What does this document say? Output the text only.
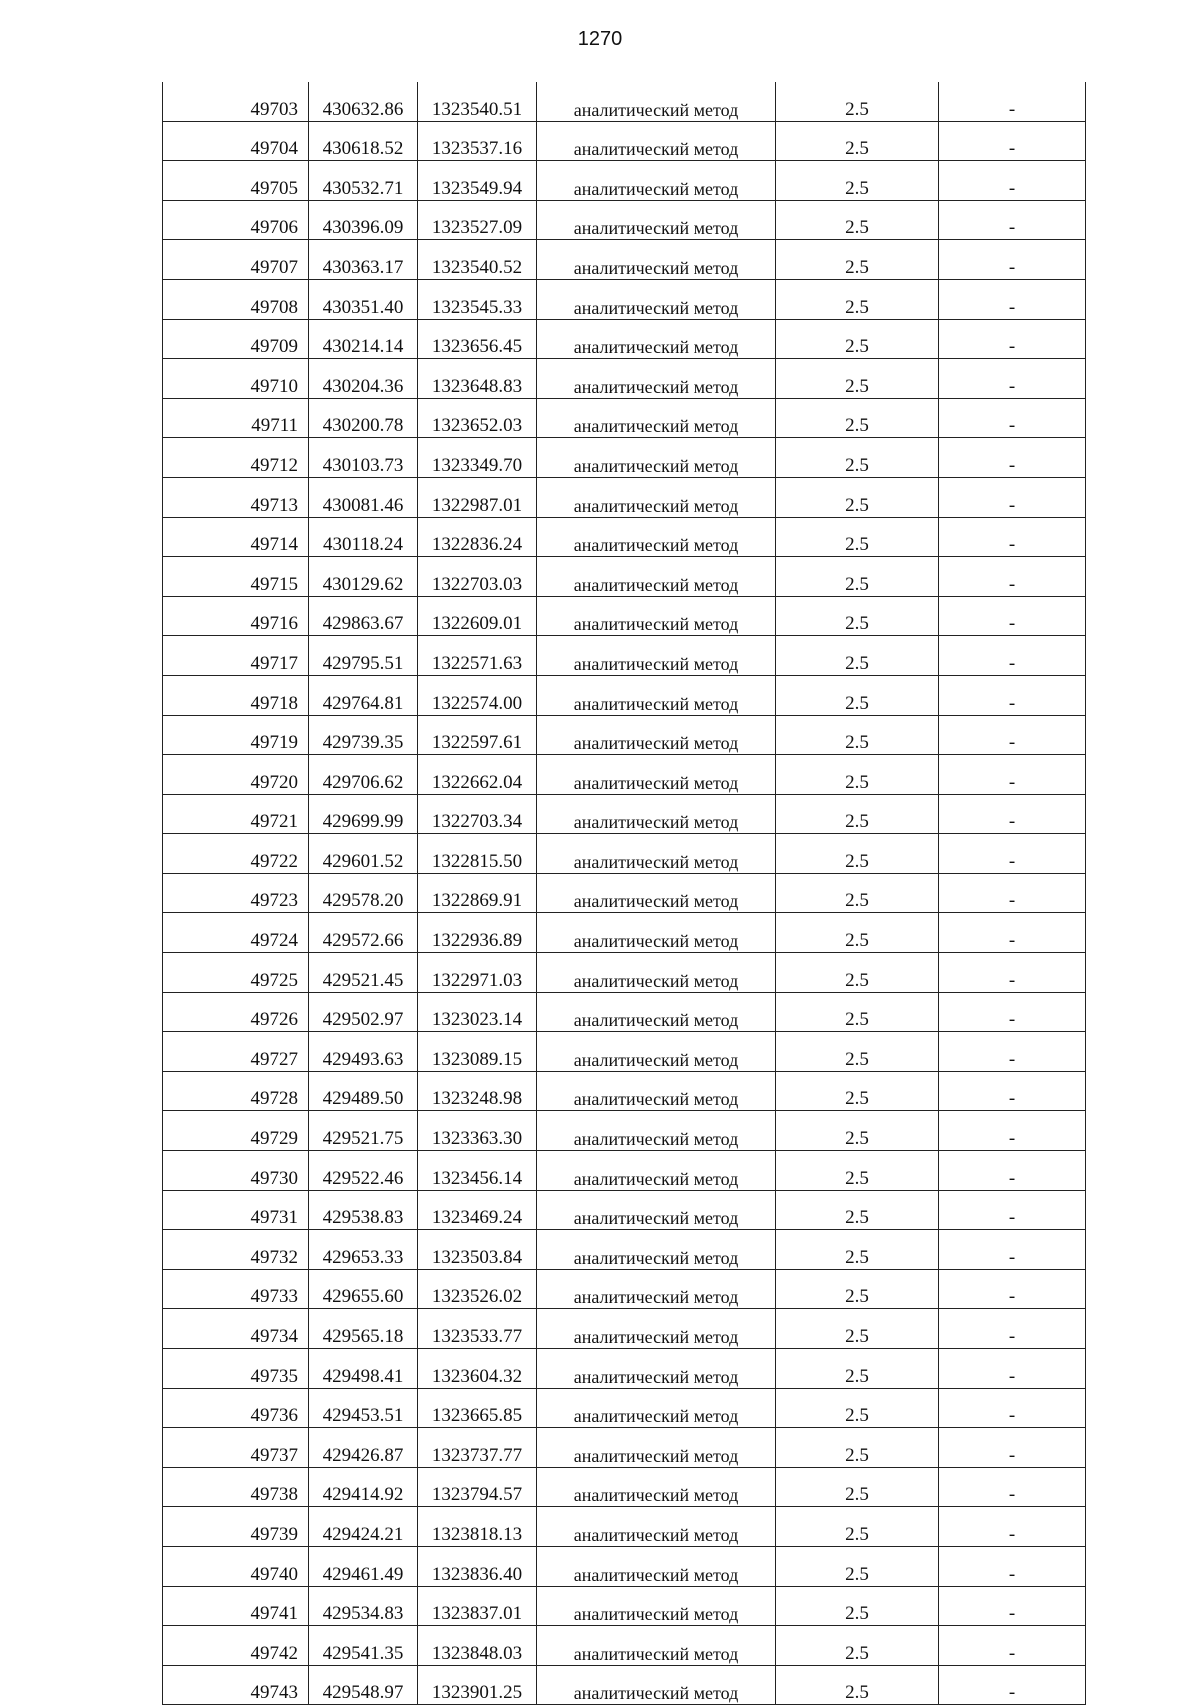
1270
49703	430632.86	1323540.51	аналитический метод	2.5	-
49704	430618.52	1323537.16	аналитический метод	2.5	-
49705	430532.71	1323549.94	аналитический метод	2.5	-
49706	430396.09	1323527.09	аналитический метод	2.5	-
49707	430363.17	1323540.52	аналитический метод	2.5	-
49708	430351.40	1323545.33	аналитический метод	2.5	-
49709	430214.14	1323656.45	аналитический метод	2.5	-
49710	430204.36	1323648.83	аналитический метод	2.5	-
49711	430200.78	1323652.03	аналитический метод	2.5	-
49712	430103.73	1323349.70	аналитический метод	2.5	-
49713	430081.46	1322987.01	аналитический метод	2.5	-
49714	430118.24	1322836.24	аналитический метод	2.5	-
49715	430129.62	1322703.03	аналитический метод	2.5	-
49716	429863.67	1322609.01	аналитический метод	2.5	-
49717	429795.51	1322571.63	аналитический метод	2.5	-
49718	429764.81	1322574.00	аналитический метод	2.5	-
49719	429739.35	1322597.61	аналитический метод	2.5	-
49720	429706.62	1322662.04	аналитический метод	2.5	-
49721	429699.99	1322703.34	аналитический метод	2.5	-
49722	429601.52	1322815.50	аналитический метод	2.5	-
49723	429578.20	1322869.91	аналитический метод	2.5	-
49724	429572.66	1322936.89	аналитический метод	2.5	-
49725	429521.45	1322971.03	аналитический метод	2.5	-
49726	429502.97	1323023.14	аналитический метод	2.5	-
49727	429493.63	1323089.15	аналитический метод	2.5	-
49728	429489.50	1323248.98	аналитический метод	2.5	-
49729	429521.75	1323363.30	аналитический метод	2.5	-
49730	429522.46	1323456.14	аналитический метод	2.5	-
49731	429538.83	1323469.24	аналитический метод	2.5	-
49732	429653.33	1323503.84	аналитический метод	2.5	-
49733	429655.60	1323526.02	аналитический метод	2.5	-
49734	429565.18	1323533.77	аналитический метод	2.5	-
49735	429498.41	1323604.32	аналитический метод	2.5	-
49736	429453.51	1323665.85	аналитический метод	2.5	-
49737	429426.87	1323737.77	аналитический метод	2.5	-
49738	429414.92	1323794.57	аналитический метод	2.5	-
49739	429424.21	1323818.13	аналитический метод	2.5	-
49740	429461.49	1323836.40	аналитический метод	2.5	-
49741	429534.83	1323837.01	аналитический метод	2.5	-
49742	429541.35	1323848.03	аналитический метод	2.5	-
49743	429548.97	1323901.25	аналитический метод	2.5	-
